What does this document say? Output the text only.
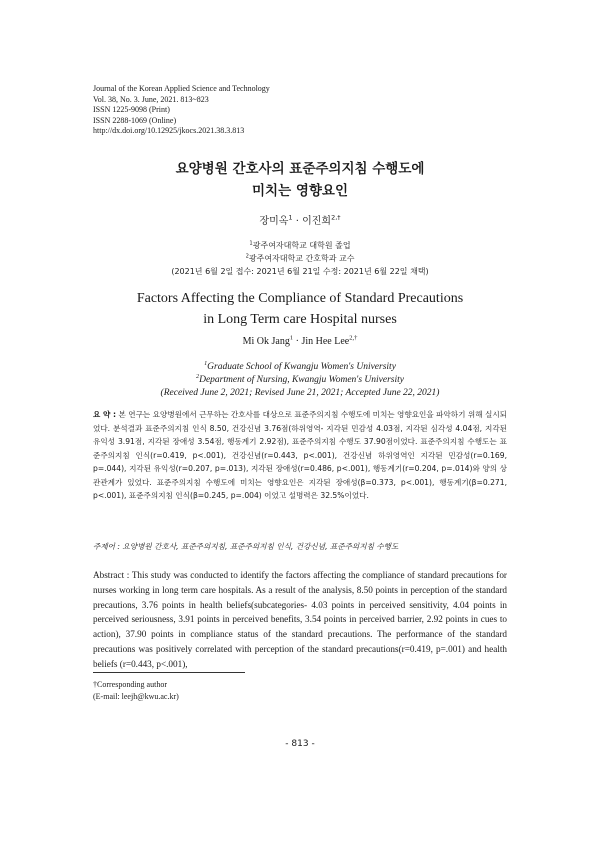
Journal of the Korean Applied Science and Technology
Vol. 38, No. 3. June, 2021. 813~823
ISSN 1225-9098 (Print)
ISSN 2288-1069 (Online)
http://dx.doi.org/10.12925/jkocs.2021.38.3.813
요양병원 간호사의 표준주의지침 수행도에
미치는 영향요인
장미옥$^1$ · 이진희$^{2,\dagger}$
$^1$광주여자대학교 대학원 졸업
$^2$광주여자대학교 간호학과 교수
(2021년 6월 2일 접수: 2021년 6월 21일 수정: 2021년 6월 22일 채택)
Factors Affecting the Compliance of Standard Precautions
in Long Term care Hospital nurses
Mi Ok Jang$^1$ · Jin Hee Lee$^{2,\dagger}$
$^1$Graduate School of Kwangju Women's University
$^2$Department of Nursing, Kwangju Women's University
(Received June 2, 2021; Revised June 21, 2021; Accepted June 22, 2021)
요 약 : 본 연구는 요양병원에서 근무하는 간호사를 대상으로 표준주의지침 수행도에 미치는 영향요인을 파악하기 위해 실시되었다. 분석결과 표준주의지침 인식 8.50, 건강신념 3.76점(하위영역- 지각된 민감성 4.03점, 지각된 심각성 4.04점, 지각된 유익성 3.91점, 지각된 장애성 3.54점, 행동계기 2.92점), 표준주의지침 수행도 37.90점이었다. 표준주의지침 수행도는 표준주의지침 인식(r=0.419, p<.001), 건강신념(r=0.443, p<.001), 건강신념 하위영역인 지각된 민감성(r=0.169, p=.044), 지각된 유익성(r=0.207, p=.013), 지각된 장애성(r=0.486, p<.001), 행동계기(r=0.204, p=.014)와 양의 상관관계가 있었다. 표준주의지침 수행도에 미치는 영향요인은 지각된 장애성(β=0.373, p<.001), 행동계기(β=0.271, p<.001), 표준주의지침 인식(β=0.245, p=.004) 이었고 설명력은 32.5%이었다.
주제어 : 요양병원 간호사, 표준주의지침, 표준주의지침 인식, 건강신념, 표준주의지침 수행도
Abstract : This study was conducted to identify the factors affecting the compliance of standard precautions for nurses working in long term care hospitals. As a result of the analysis, 8.50 points in perception of the standard precautions, 3.76 points in health beliefs(subcategories- 4.03 points in perceived sensitivity, 4.04 points in perceived seriousness, 3.91 points in perceived benefits, 3.54 points in perceived barrier, 2.92 points in cues to action), 37.90 points in compliance status of the standard precautions. The performance of the standard precautions was positively correlated with perception of the standard precautions(r=0.419, p=.001) and health beliefs (r=0.443, p<.001),
†Corresponding author
(E-mail: leejh@kwu.ac.kr)
- 813 -
